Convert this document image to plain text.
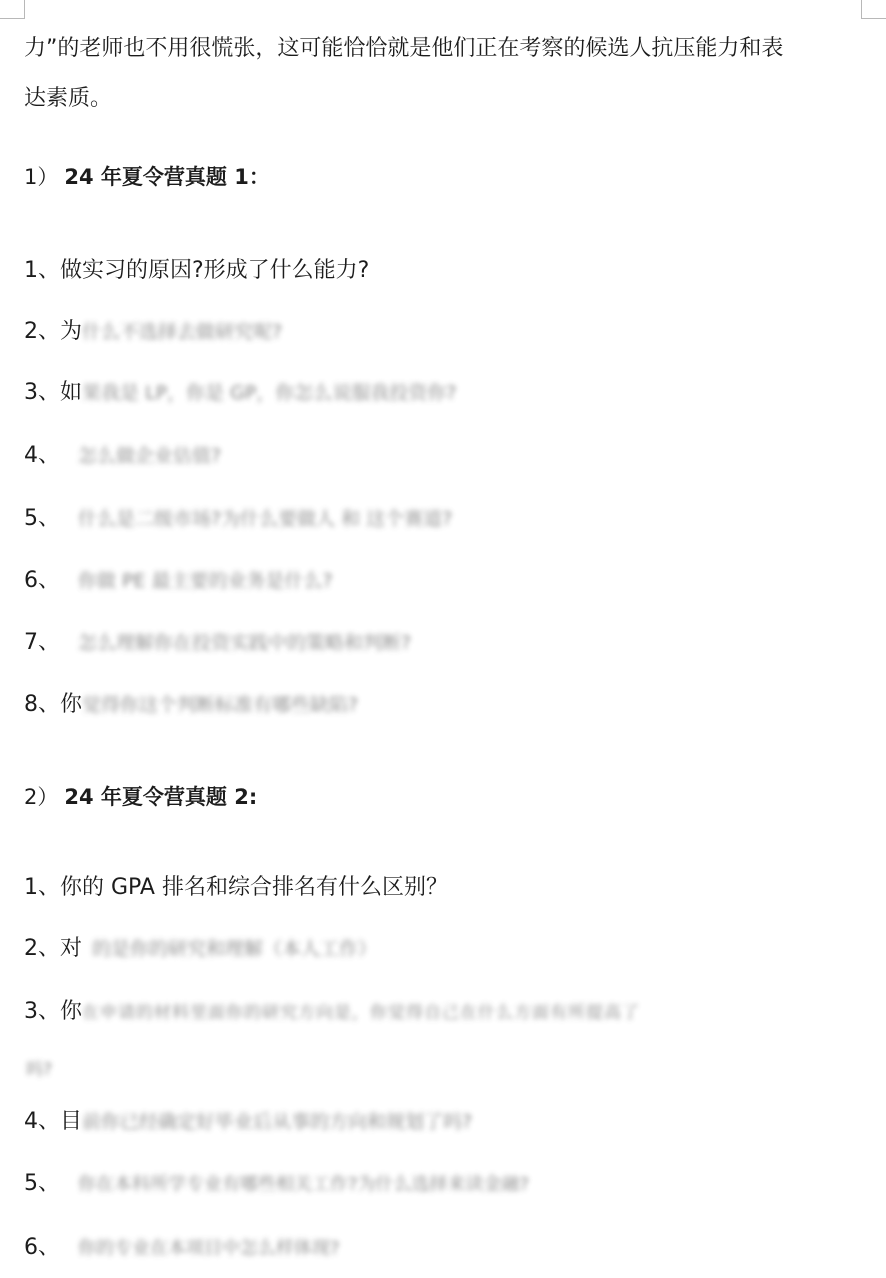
力”的老师也不用很慌张，这可能恰恰就是他们正在考察的候选人抗压能力和表
达素质。
1） 24 年夏令营真题 1：
1、做实习的原因?形成了什么能力?
2、为什么不选择去做研究呢?
3、如果我是 LP，你是 GP，你怎么说服我投资你?
4、 怎么做企业估值?
5、 什么是二级市场?为什么要做人 和 这个赛道?
6、 你做 PE 最主要的业务是什么?
7、 怎么理解你在投资实践中的策略和判断?
8、你觉得你这个判断标准有哪些缺陷?
2） 24 年夏令营真题 2:
1、你的 GPA 排名和综合排名有什么区别？
2、对 的是你的研究和理解（本人工作）
3、你在申请的材料里面你的研究方向是，你觉得自己在什么方面有所提高了
吗?
4、目前你已经确定好毕业后从事的方向和规划了吗?
5、 你在本科所学专业有哪些相关工作?为什么选择来读金融?
6、 你的专业在本项目中怎么样体现?
